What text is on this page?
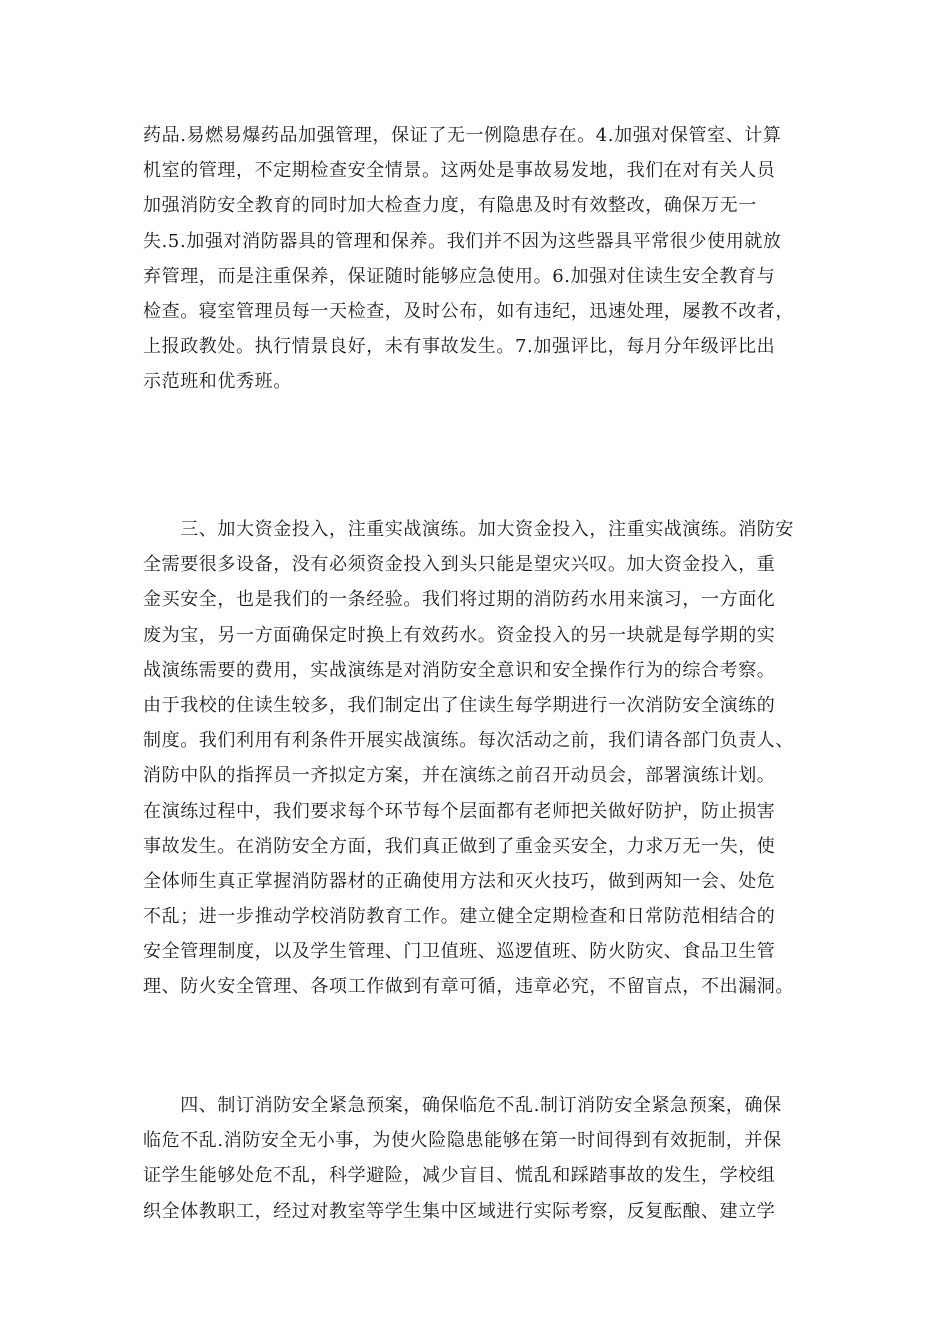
药品.易燃易爆药品加强管理，保证了无一例隐患存在。4.加强对保管室、计算
机室的管理，不定期检查安全情景。这两处是事故易发地，我们在对有关人员
加强消防安全教育的同时加大检查力度，有隐患及时有效整改，确保万无一
失.5.加强对消防器具的管理和保养。我们并不因为这些器具平常很少使用就放
弃管理，而是注重保养，保证随时能够应急使用。6.加强对住读生安全教育与
检查。寝室管理员每一天检查，及时公布，如有违纪，迅速处理，屡教不改者，
上报政教处。执行情景良好，未有事故发生。7.加强评比，每月分年级评比出
示范班和优秀班。
　　三、加大资金投入，注重实战演练。加大资金投入，注重实战演练。消防安
全需要很多设备，没有必须资金投入到头只能是望灾兴叹。加大资金投入，重
金买安全，也是我们的一条经验。我们将过期的消防药水用来演习，一方面化
废为宝，另一方面确保定时换上有效药水。资金投入的另一块就是每学期的实
战演练需要的费用，实战演练是对消防安全意识和安全操作行为的综合考察。
由于我校的住读生较多，我们制定出了住读生每学期进行一次消防安全演练的
制度。我们利用有利条件开展实战演练。每次活动之前，我们请各部门负责人、
消防中队的指挥员一齐拟定方案，并在演练之前召开动员会，部署演练计划。
在演练过程中，我们要求每个环节每个层面都有老师把关做好防护，防止损害
事故发生。在消防安全方面，我们真正做到了重金买安全，力求万无一失，使
全体师生真正掌握消防器材的正确使用方法和灭火技巧，做到两知一会、处危
不乱；进一步推动学校消防教育工作。建立健全定期检查和日常防范相结合的
安全管理制度，以及学生管理、门卫值班、巡逻值班、防火防灾、食品卫生管
理、防火安全管理、各项工作做到有章可循，违章必究，不留盲点，不出漏洞。
　　四、制订消防安全紧急预案，确保临危不乱.制订消防安全紧急预案，确保
临危不乱.消防安全无小事，为使火险隐患能够在第一时间得到有效扼制，并保
证学生能够处危不乱，科学避险，减少盲目、慌乱和踩踏事故的发生，学校组
织全体教职工，经过对教室等学生集中区域进行实际考察，反复酝酿、建立学
